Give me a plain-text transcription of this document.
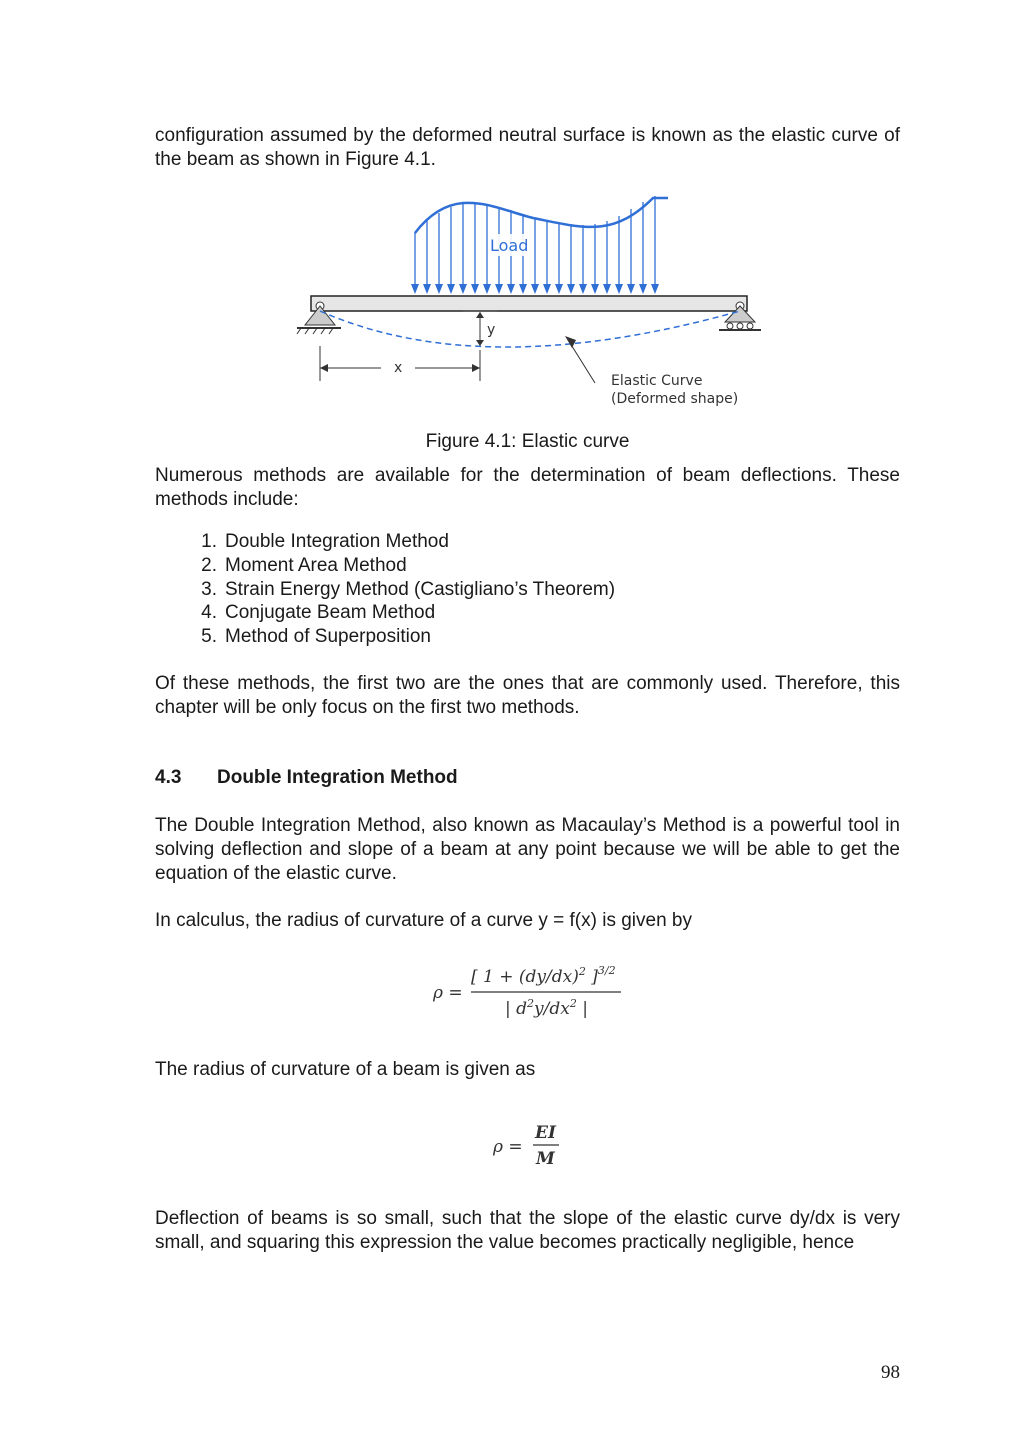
configuration assumed by the deformed neutral surface is known as the elastic curve of the beam as shown in Figure 4.1.

Load
y
x
Elastic Curve
(Deformed shape)
Figure 4.1: Elastic curve

Numerous methods are available for the determination of beam deflections. These methods include:

1. Double Integration Method
2. Moment Area Method
3. Strain Energy Method (Castigliano’s Theorem)
4. Conjugate Beam Method
5. Method of Superposition

Of these methods, the first two are the ones that are commonly used. Therefore, this chapter will be only focus on the first two methods.

4.3 Double Integration Method

The Double Integration Method, also known as Macaulay’s Method is a powerful tool in solving deflection and slope of a beam at any point because we will be able to get the equation of the elastic curve.

In calculus, the radius of curvature of a curve y = f(x) is given by

ρ =
[ $1 + (dy/dx)^2$ ]$^{3/2}$
| $d^2y/dx^2$ |

The radius of curvature of a beam is given as

ρ =
EI
M

Deflection of beams is so small, such that the slope of the elastic curve dy/dx is very small, and squaring this expression the value becomes practically negligible, hence

98
